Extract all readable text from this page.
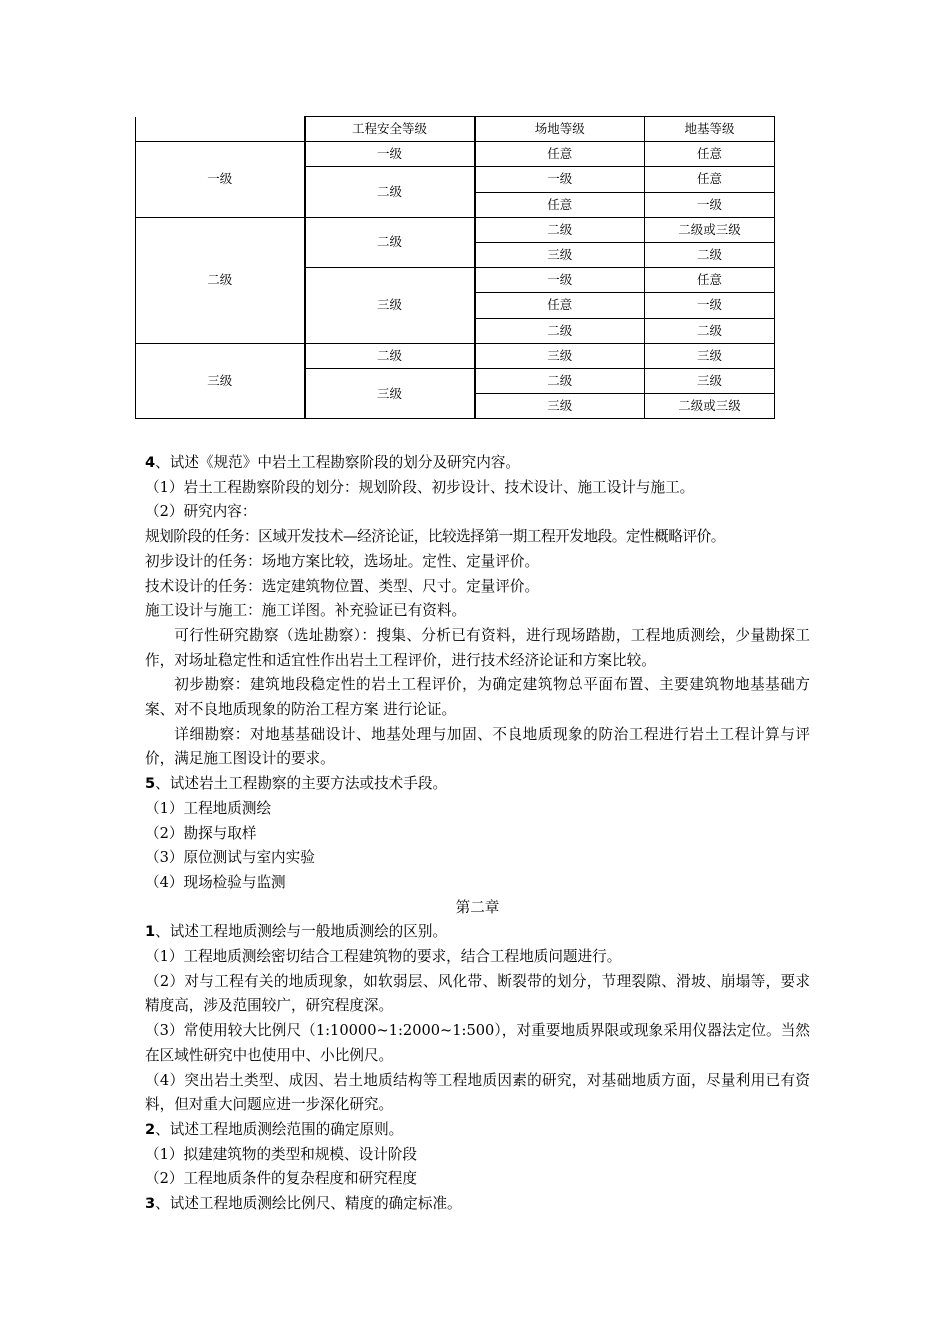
	工程安全等级	场地等级	地基等级
一级	一级	任意	任意
	二级	一级	任意
		任意	一级
二级	二级	二级	二级或三级
		三级	二级
	三级	一级	任意
		任意	一级
		二级	二级
三级	二级	三级	三级
	三级	二级	三级
		三级	二级或三级

4、试述《规范》中岩土工程勘察阶段的划分及研究内容。

（1）岩土工程勘察阶段的划分：规划阶段、初步设计、技术设计、施工设计与施工。

（2）研究内容：

规划阶段的任务：区域开发技术—经济论证，比较选择第一期工程开发地段。定性概略评价。

初步设计的任务：场地方案比较，选场址。定性、定量评价。

技术设计的任务：选定建筑物位置、类型、尺寸。定量评价。

施工设计与施工：施工详图。补充验证已有资料。

可行性研究勘察（选址勘察）：搜集、分析已有资料，进行现场踏勘，工程地质测绘，少量勘探工作，对场址稳定性和适宜性作出岩土工程评价，进行技术经济论证和方案比较。

初步勘察：建筑地段稳定性的岩土工程评价，为确定建筑物总平面布置、主要建筑物地基基础方案、对不良地质现象的防治工程方案 进行论证。

详细勘察：对地基基础设计、地基处理与加固、不良地质现象的防治工程进行岩土工程计算与评价，满足施工图设计的要求。

5、试述岩土工程勘察的主要方法或技术手段。

（1）工程地质测绘

（2）勘探与取样

（3）原位测试与室内实验

（4）现场检验与监测

第二章

1、试述工程地质测绘与一般地质测绘的区别。

（1）工程地质测绘密切结合工程建筑物的要求，结合工程地质问题进行。

（2）对与工程有关的地质现象，如软弱层、风化带、断裂带的划分，节理裂隙、滑坡、崩塌等，要求精度高，涉及范围较广，研究程度深。

（3）常使用较大比例尺（1:10000~1:2000~1:500），对重要地质界限或现象采用仪器法定位。当然在区域性研究中也使用中、小比例尺。

（4）突出岩土类型、成因、岩土地质结构等工程地质因素的研究，对基础地质方面，尽量利用已有资料，但对重大问题应进一步深化研究。

2、试述工程地质测绘范围的确定原则。

（1）拟建建筑物的类型和规模、设计阶段

（2）工程地质条件的复杂程度和研究程度

3、试述工程地质测绘比例尺、精度的确定标准。
